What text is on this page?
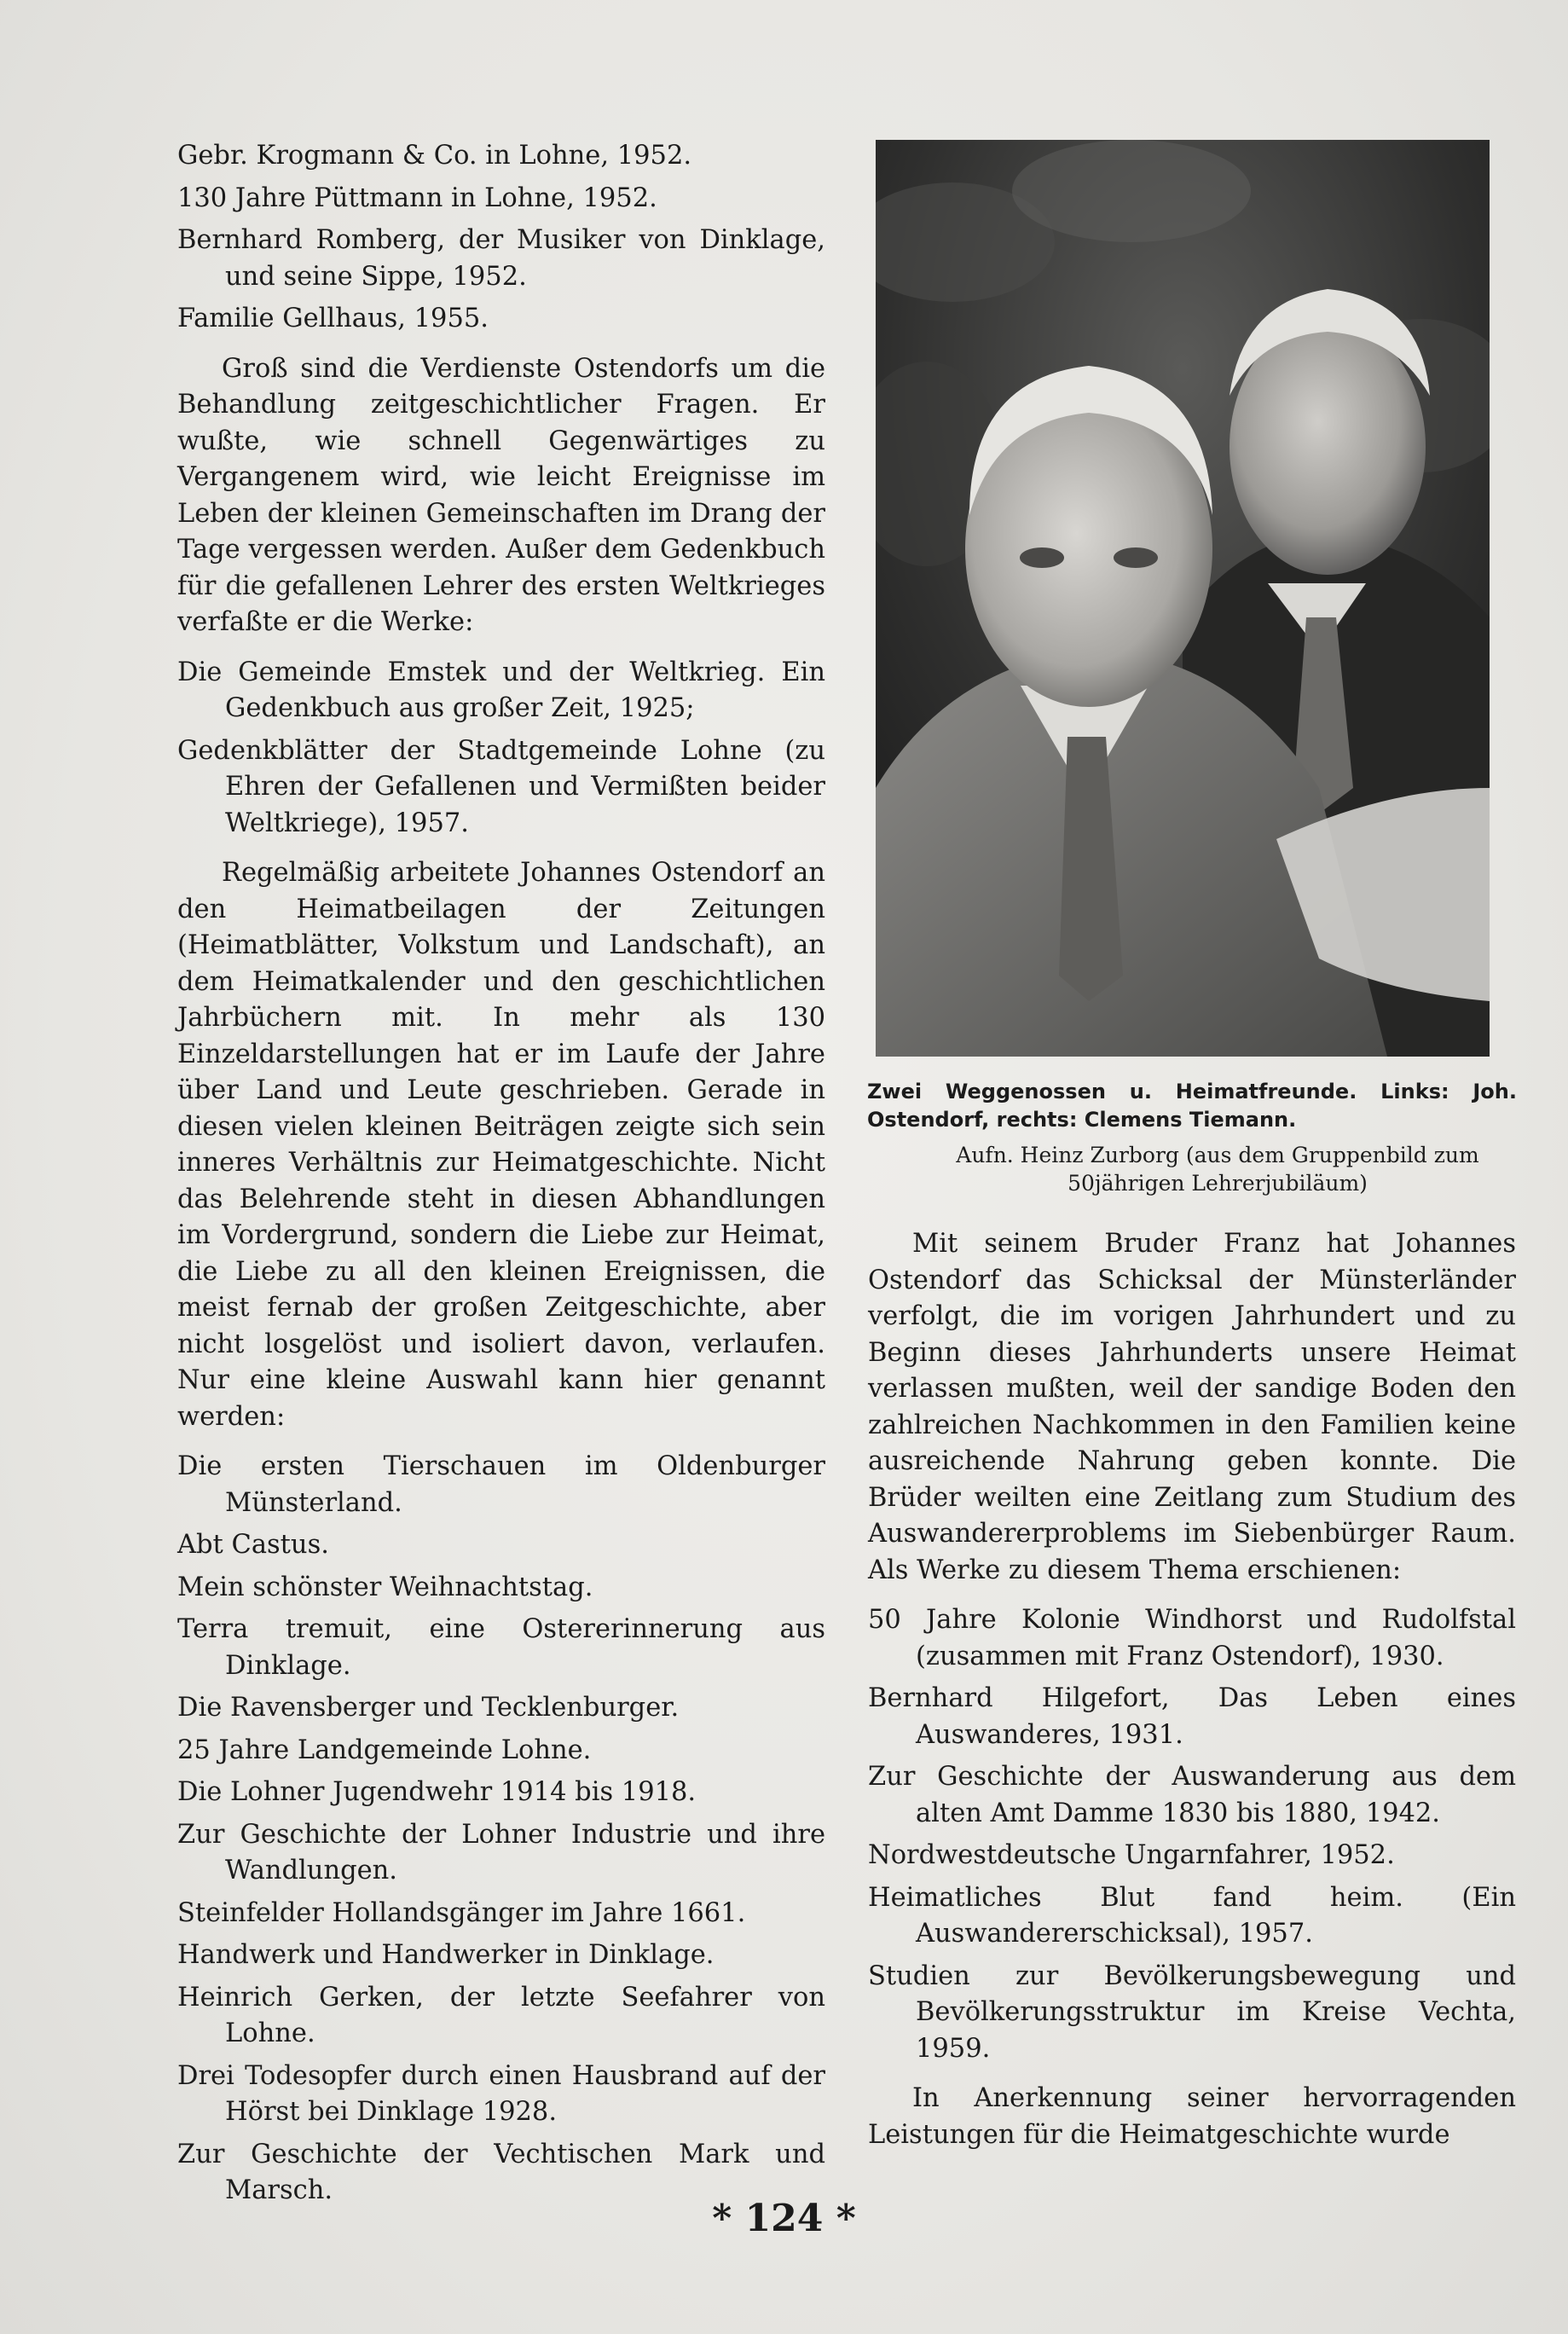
Gebr. Krogmann & Co. in Lohne, 1952.
130 Jahre Püttmann in Lohne, 1952.
Bernhard Romberg, der Musiker von Dinklage, und seine Sippe, 1952.
Familie Gellhaus, 1955.

Groß sind die Verdienste Ostendorfs um die Behandlung zeitgeschichtlicher Fragen. Er wußte, wie schnell Gegenwärtiges zu Vergangenem wird, wie leicht Ereignisse im Leben der kleinen Gemeinschaften im Drang der Tage vergessen werden. Außer dem Gedenkbuch für die gefallenen Lehrer des ersten Weltkrieges verfaßte er die Werke:

Die Gemeinde Emstek und der Weltkrieg. Ein Gedenkbuch aus großer Zeit, 1925;
Gedenkblätter der Stadtgemeinde Lohne (zu Ehren der Gefallenen und Vermißten beider Weltkriege), 1957.

Regelmäßig arbeitete Johannes Ostendorf an den Heimatbeilagen der Zeitungen (Heimatblätter, Volkstum und Landschaft), an dem Heimatkalender und den geschichtlichen Jahrbüchern mit. In mehr als 130 Einzeldarstellungen hat er im Laufe der Jahre über Land und Leute geschrieben. Gerade in diesen vielen kleinen Beiträgen zeigte sich sein inneres Verhältnis zur Heimatgeschichte. Nicht das Belehrende steht in diesen Abhandlungen im Vordergrund, sondern die Liebe zur Heimat, die Liebe zu all den kleinen Ereignissen, die meist fernab der großen Zeitgeschichte, aber nicht losgelöst und isoliert davon, verlaufen. Nur eine kleine Auswahl kann hier genannt werden:

Die ersten Tierschauen im Oldenburger Münsterland.
Abt Castus.
Mein schönster Weihnachtstag.
Terra tremuit, eine Ostererinnerung aus Dinklage.
Die Ravensberger und Tecklenburger.
25 Jahre Landgemeinde Lohne.
Die Lohner Jugendwehr 1914 bis 1918.
Zur Geschichte der Lohner Industrie und ihre Wandlungen.
Steinfelder Hollandsgänger im Jahre 1661.
Handwerk und Handwerker in Dinklage.
Heinrich Gerken, der letzte Seefahrer von Lohne.
Drei Todesopfer durch einen Hausbrand auf der Hörst bei Dinklage 1928.
Zur Geschichte der Vechtischen Mark und Marsch.
Zwei Weggenossen u. Heimatfreunde. Links: Joh. Ostendorf, rechts: Clemens Tiemann.
Aufn. Heinz Zurborg (aus dem Gruppenbild zum 50jährigen Lehrerjubiläum)

Mit seinem Bruder Franz hat Johannes Ostendorf das Schicksal der Münsterländer verfolgt, die im vorigen Jahrhundert und zu Beginn dieses Jahrhunderts unsere Heimat verlassen mußten, weil der sandige Boden den zahlreichen Nachkommen in den Familien keine ausreichende Nahrung geben konnte. Die Brüder weilten eine Zeitlang zum Studium des Auswandererproblems im Siebenbürger Raum. Als Werke zu diesem Thema erschienen:

50 Jahre Kolonie Windhorst und Rudolfstal (zusammen mit Franz Ostendorf), 1930.
Bernhard Hilgefort, Das Leben eines Auswanderes, 1931.
Zur Geschichte der Auswanderung aus dem alten Amt Damme 1830 bis 1880, 1942.
Nordwestdeutsche Ungarnfahrer, 1952.
Heimatliches Blut fand heim. (Ein Auswandererschicksal), 1957.
Studien zur Bevölkerungsbewegung und Bevölkerungsstruktur im Kreise Vechta, 1959.

In Anerkennung seiner hervorragenden Leistungen für die Heimatgeschichte wurde

* 124 *
